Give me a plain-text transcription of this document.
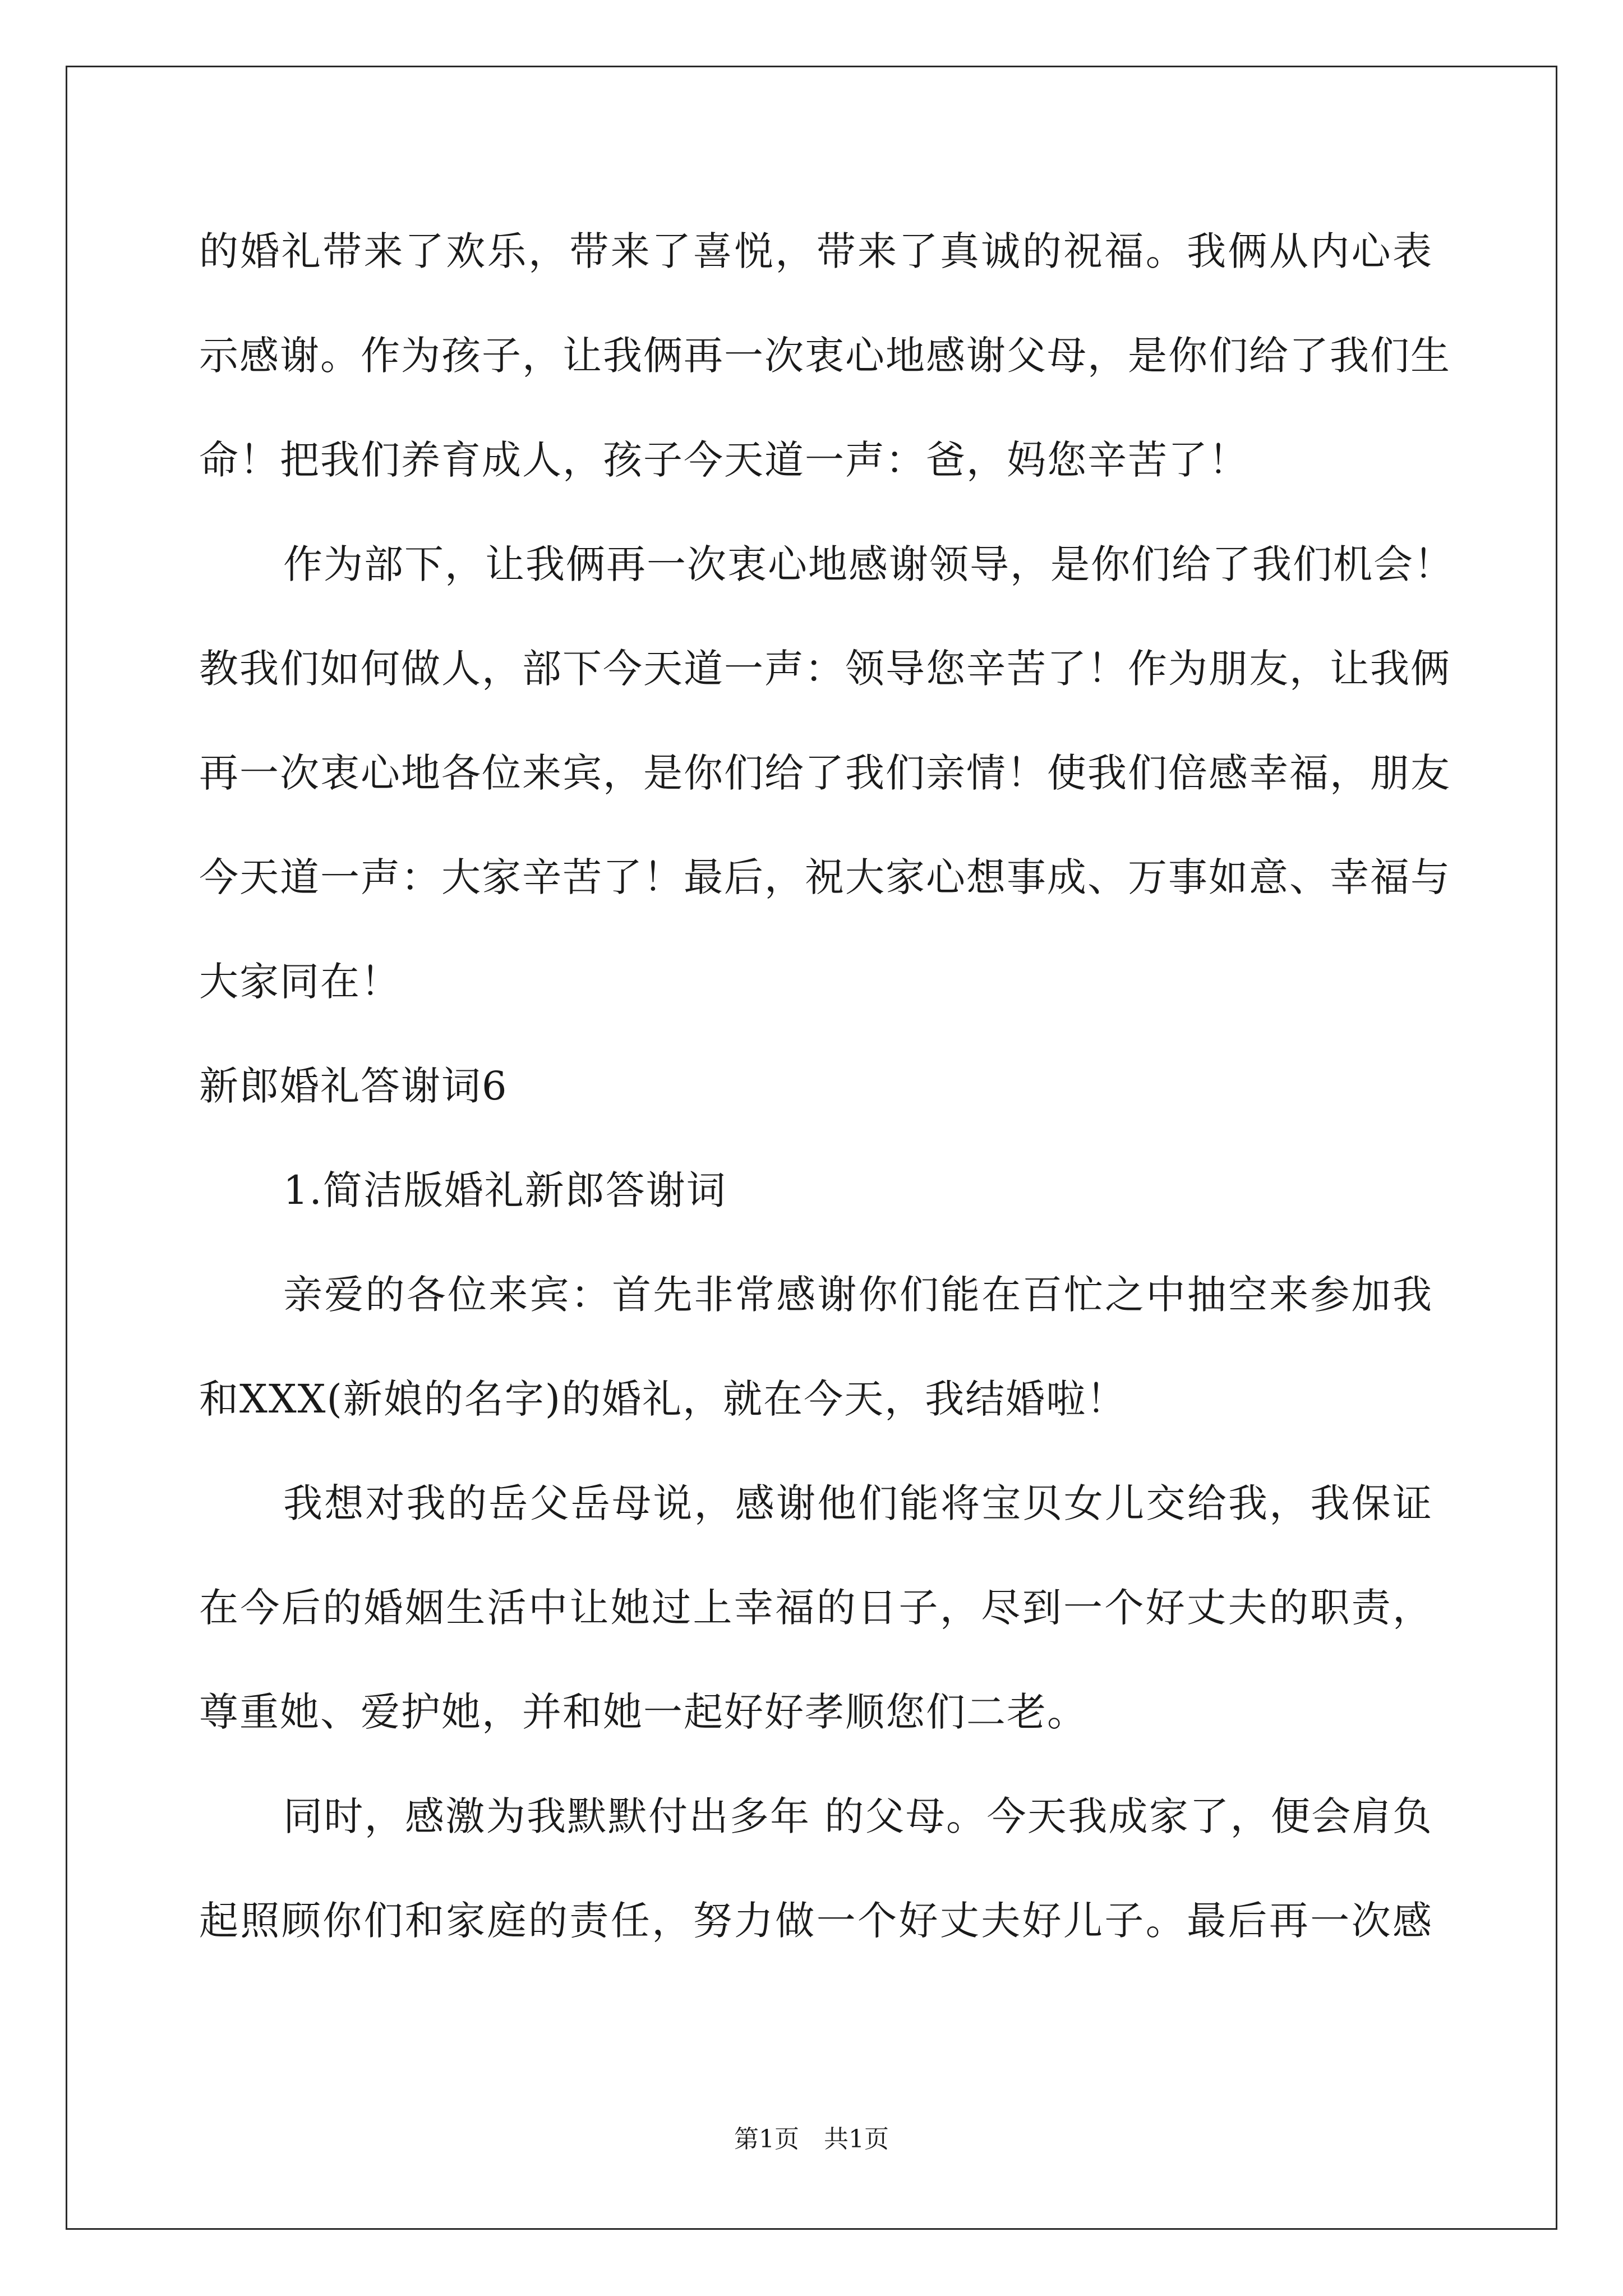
的婚礼带来了欢乐，带来了喜悦，带来了真诚的祝福。我俩从内心表
示感谢。作为孩子，让我俩再一次衷心地感谢父母，是你们给了我们生
命！把我们养育成人，孩子今天道一声：爸，妈您辛苦了！
作为部下，让我俩再一次衷心地感谢领导，是你们给了我们机会！
教我们如何做人，部下今天道一声：领导您辛苦了！作为朋友，让我俩
再一次衷心地各位来宾，是你们给了我们亲情！使我们倍感幸福，朋友
今天道一声：大家辛苦了！最后，祝大家心想事成、万事如意、幸福与
大家同在！
新郎婚礼答谢词6
1.简洁版婚礼新郎答谢词
亲爱的各位来宾：首先非常感谢你们能在百忙之中抽空来参加我
和XXX(新娘的名字)的婚礼，就在今天，我结婚啦！
我想对我的岳父岳母说，感谢他们能将宝贝女儿交给我，我保证
在今后的婚姻生活中让她过上幸福的日子，尽到一个好丈夫的职责，
尊重她、爱护她，并和她一起好好孝顺您们二老。
同时，感激为我默默付出多年 的父母。今天我成家了，便会肩负
起照顾你们和家庭的责任，努力做一个好丈夫好儿子。最后再一次感
第1页　共1页
